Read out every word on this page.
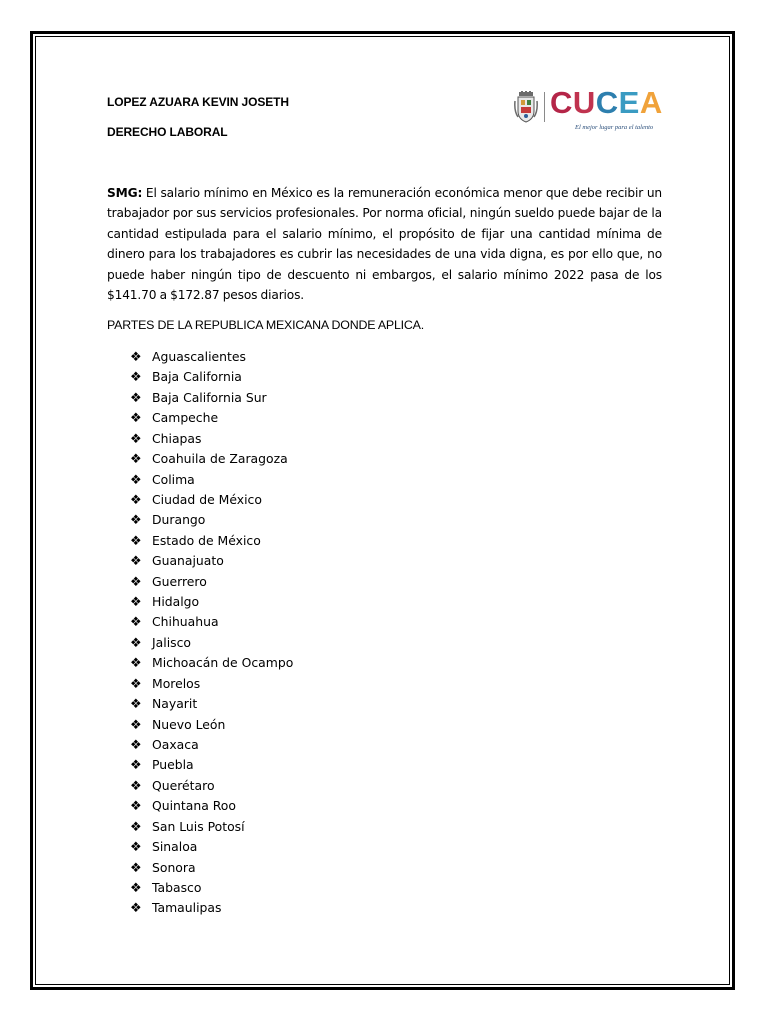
LOPEZ AZUARA KEVIN JOSETH
DERECHO LABORAL
CUCEA
El mejor lugar para el talento
SMG: El salario mínimo en México es la remuneración económica menor que debe recibir un trabajador por sus servicios profesionales. Por norma oficial, ningún sueldo puede bajar de la cantidad estipulada para el salario mínimo, el propósito de fijar una cantidad mínima de dinero para los trabajadores es cubrir las necesidades de una vida digna, es por ello que, no puede haber ningún tipo de descuento ni embargos, el salario mínimo 2022 pasa de los $141.70 a $172.87 pesos diarios.
PARTES DE LA REPUBLICA MEXICANA DONDE APLICA.
❖ Aguascalientes
❖ Baja California
❖ Baja California Sur
❖ Campeche
❖ Chiapas
❖ Coahuila de Zaragoza
❖ Colima
❖ Ciudad de México
❖ Durango
❖ Estado de México
❖ Guanajuato
❖ Guerrero
❖ Hidalgo
❖ Chihuahua
❖ Jalisco
❖ Michoacán de Ocampo
❖ Morelos
❖ Nayarit
❖ Nuevo León
❖ Oaxaca
❖ Puebla
❖ Querétaro
❖ Quintana Roo
❖ San Luis Potosí
❖ Sinaloa
❖ Sonora
❖ Tabasco
❖ Tamaulipas
